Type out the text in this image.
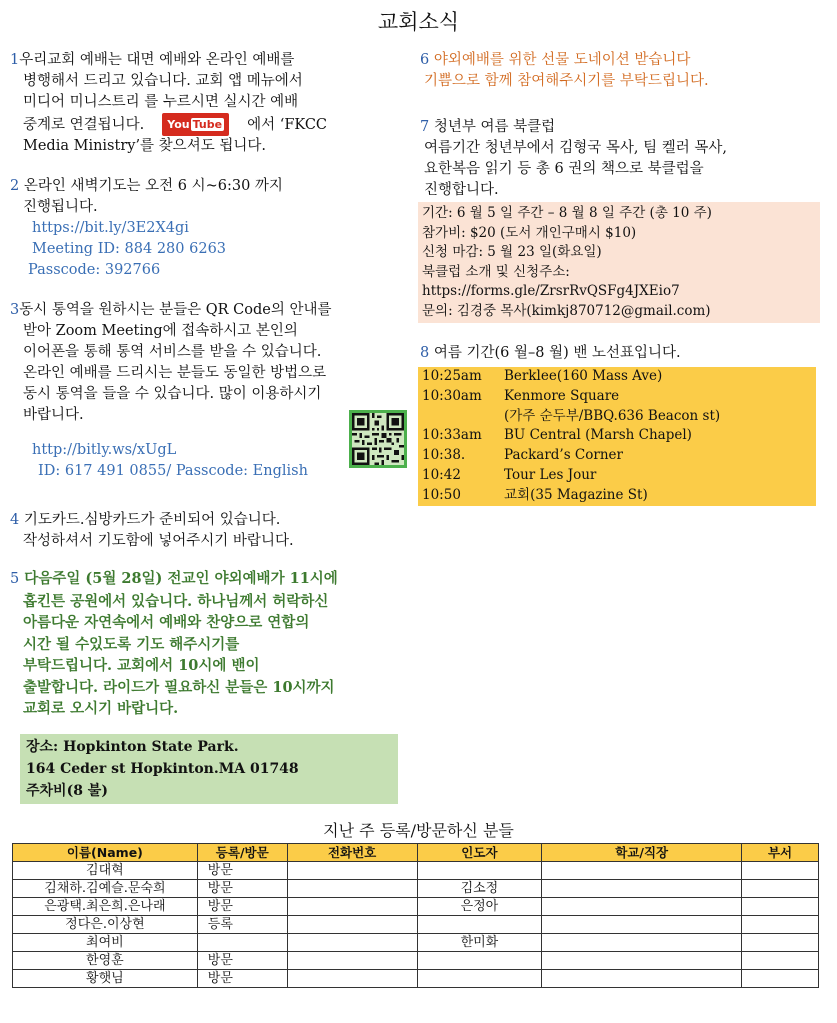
교회소식

1우리교회 예배는 대면 예배와 온라인 예배를

병행해서 드리고 있습니다. 교회 앱 메뉴에서

미디어 미니스트리 를 누르시면 실시간 예배

중계로 연결됩니다. You Tube 에서 ‘FKCC

Media Ministry’를 찾으셔도 됩니다.

2 온라인 새벽기도는 오전 6 시~6:30 까지

진행됩니다.

https://bit.ly/3E2X4gi

Meeting ID: 884 280 6263

Passcode: 392766

3동시 통역을 원하시는 분들은 QR Code의 안내를

받아 Zoom Meeting에 접속하시고 본인의

이어폰을 통해 통역 서비스를 받을 수 있습니다.

온라인 예배를 드리시는 분들도 동일한 방법으로

동시 통역을 들을 수 있습니다. 많이 이용하시기

바랍니다.

http://bitly.ws/xUgL

ID: 617 491 0855/ Passcode: English

4 기도카드.심방카드가 준비되어 있습니다.

작성하셔서 기도함에 넣어주시기 바랍니다.

5 다음주일 (5월 28일) 전교인 야외예배가 11시에

홉킨튼 공원에서 있습니다. 하나님께서 허락하신

아름다운 자연속에서 예배와 찬양으로 연합의

시간 될 수있도록 기도 해주시기를

부탁드립니다. 교회에서 10시에 밴이

출발합니다. 라이드가 필요하신 분들은 10시까지

교회로 오시기 바랍니다.

장소: Hopkinton State Park.
164 Ceder st Hopkinton.MA 01748
주차비(8 불)

6 야외예배를 위한 선물 도네이션 받습니다

기쁨으로 함께 참여해주시기를 부탁드립니다.

7 청년부 여름 북클럽

여름기간 청년부에서 김형국 목사, 팀 켈러 목사,

요한복음 읽기 등 총 6 권의 책으로 북클럽을

진행합니다.

기간: 6 월 5 일 주간 – 8 월 8 일 주간 (총 10 주)
참가비: $20 (도서 개인구매시 $10)
신청 마감: 5 월 23 일(화요일)
북클럽 소개 및 신청주소:
https://forms.gle/ZrsrRvQSFg4JXEio7
문의: 김경중 목사(kimkj870712@gmail.com)

8 여름 기간(6 월–8 월) 밴 노선표입니다.

10:25am	Berklee(160 Mass Ave)
10:30am	Kenmore Square
(가주 순두부/BBQ.636 Beacon st)
10:33am	BU Central (Marsh Chapel)
10:38.	Packard’s Corner
10:42	Tour Les Jour
10:50	교회(35 Magazine St)
지난 주 등록/방문하신 분들
이름(Name)	등록/방문	전화번호	인도자	학교/직장	부서
김대혁	방문				
김채하.김예슬.문숙희	방문		김소정		
은광택.최은희.은나래	방문		은정아		
정다은.이상현	등록				
최여비			한미화		
한영훈	방문				
황햇님	방문				
